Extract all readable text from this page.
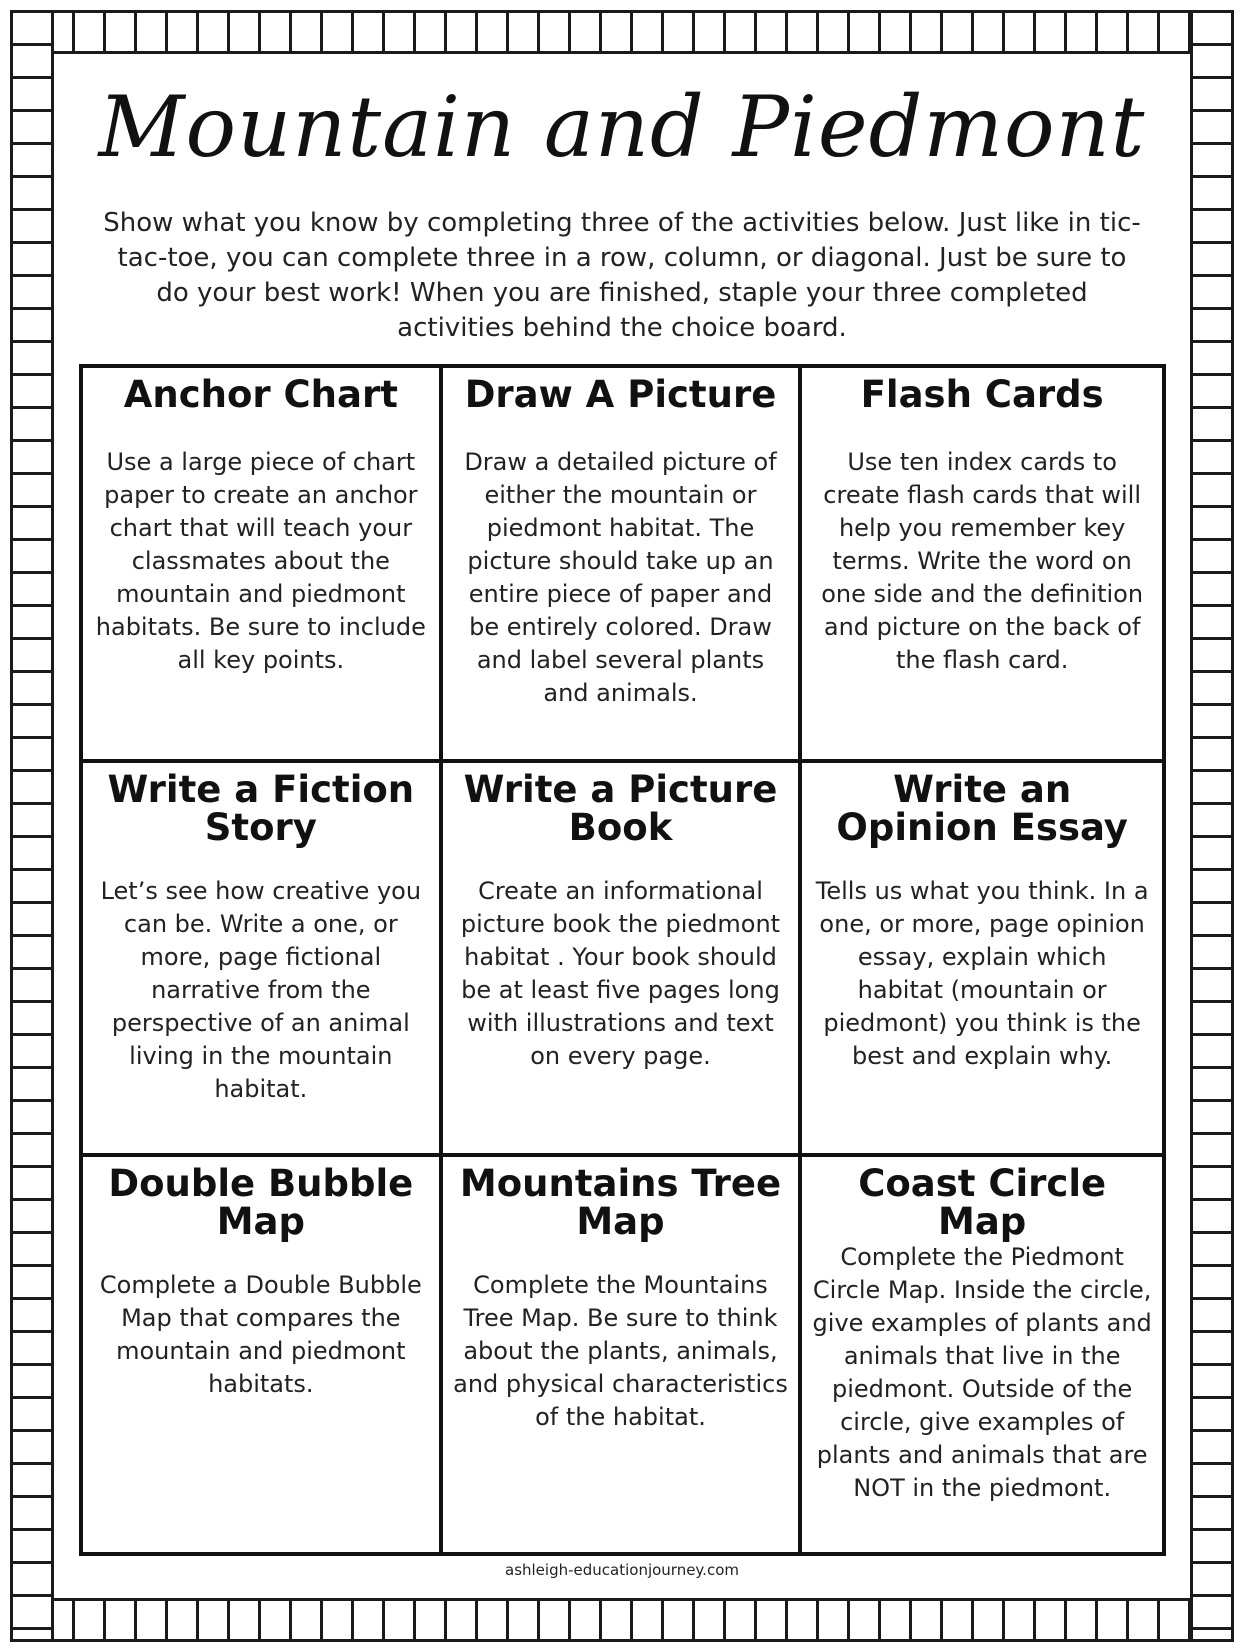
Mountain and Piedmont

Show what you know by completing three of the activities below. Just like in tic-tac-toe, you can complete three in a row, column, or diagonal. Just be sure to do your best work! When you are finished, staple your three completed activities behind the choice board.

Anchor Chart

Use a large piece of chart paper to create an anchor chart that will teach your classmates about the mountain and piedmont habitats. Be sure to include all key points.

Draw A Picture

Draw a detailed picture of either the mountain or piedmont habitat. The picture should take up an entire piece of paper and be entirely colored. Draw and label several plants and animals.

Flash Cards

Use ten index cards to create flash cards that will help you remember key terms. Write the word on one side and the definition and picture on the back of the flash card.

Write a Fiction Story

Let’s see how creative you can be. Write a one, or more, page fictional narrative from the perspective of an animal living in the mountain habitat.

Write a Picture Book

Create an informational picture book the piedmont habitat . Your book should be at least five pages long with illustrations and text on every page.

Write an Opinion Essay

Tells us what you think. In a one, or more, page opinion essay, explain which habitat (mountain or piedmont) you think is the best and explain why.

Double Bubble Map

Complete a Double Bubble Map that compares the mountain and piedmont habitats.

Mountains Tree Map

Complete the Mountains Tree Map. Be sure to think about the plants, animals, and physical characteristics of the habitat.

Coast Circle Map

Complete the Piedmont Circle Map. Inside the circle, give examples of plants and animals that live in the piedmont. Outside of the circle, give examples of plants and animals that are NOT in the piedmont.

ashleigh-educationjourney.com
